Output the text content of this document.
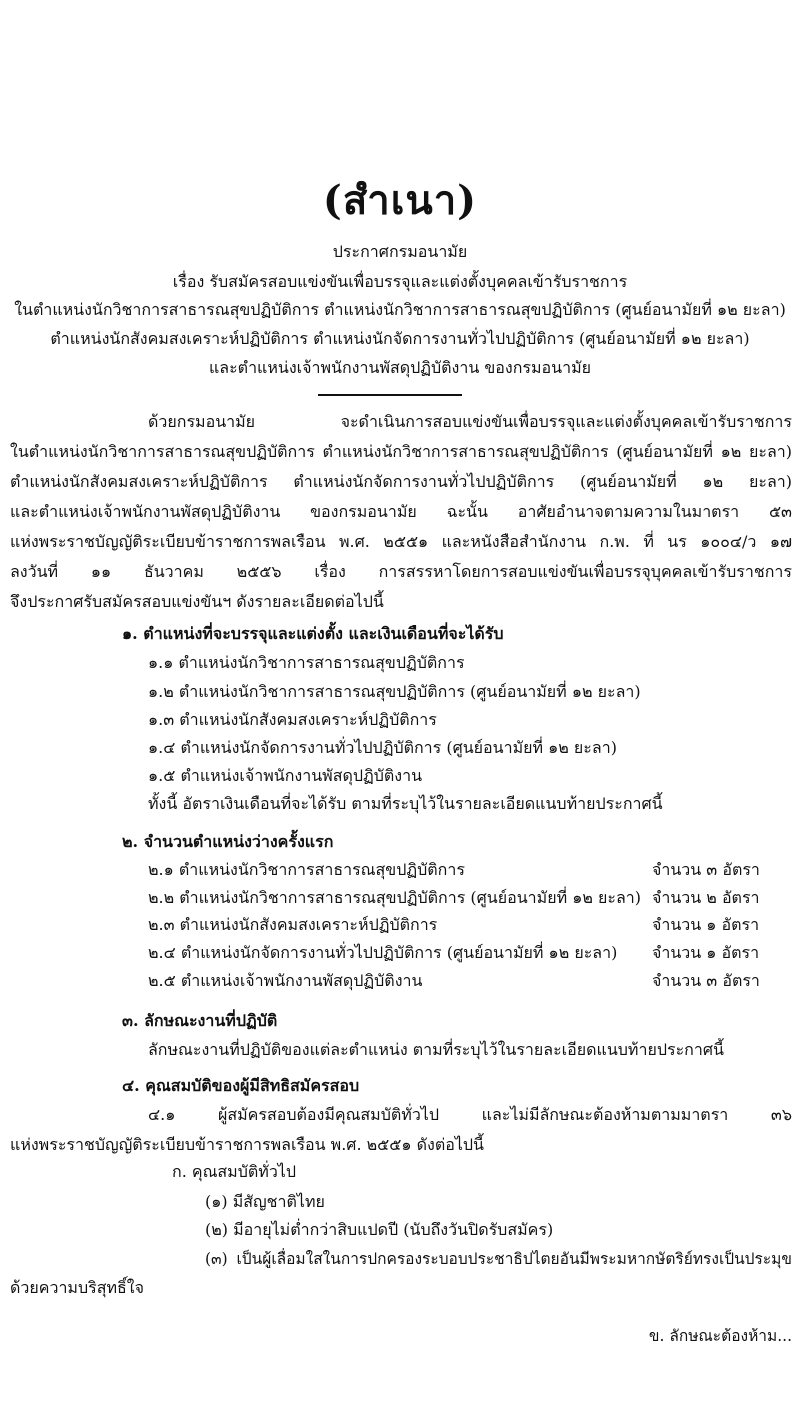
(สำเนา)
ประกาศกรมอนามัย
เรื่อง รับสมัครสอบแข่งขันเพื่อบรรจุและแต่งตั้งบุคคลเข้ารับราชการ
ในตำแหน่งนักวิชาการสาธารณสุขปฏิบัติการ ตำแหน่งนักวิชาการสาธารณสุขปฏิบัติการ (ศูนย์อนามัยที่ ๑๒ ยะลา)
ตำแหน่งนักสังคมสงเคราะห์ปฏิบัติการ ตำแหน่งนักจัดการงานทั่วไปปฏิบัติการ (ศูนย์อนามัยที่ ๑๒ ยะลา)
และตำแหน่งเจ้าพนักงานพัสดุปฏิบัติงาน ของกรมอนามัย
ด้วยกรมอนามัย จะดำเนินการสอบแข่งขันเพื่อบรรจุและแต่งตั้งบุคคลเข้ารับราชการ
ในตำแหน่งนักวิชาการสาธารณสุขปฏิบัติการ ตำแหน่งนักวิชาการสาธารณสุขปฏิบัติการ (ศูนย์อนามัยที่ ๑๒ ยะลา)
ตำแหน่งนักสังคมสงเคราะห์ปฏิบัติการ ตำแหน่งนักจัดการงานทั่วไปปฏิบัติการ (ศูนย์อนามัยที่ ๑๒ ยะลา)
และตำแหน่งเจ้าพนักงานพัสดุปฏิบัติงาน ของกรมอนามัย ฉะนั้น อาศัยอำนาจตามความในมาตรา ๕๓
แห่งพระราชบัญญัติระเบียบข้าราชการพลเรือน พ.ศ. ๒๕๕๑ และหนังสือสำนักงาน ก.พ. ที่ นร ๑๐๐๔/ว ๑๗
ลงวันที่ ๑๑ ธันวาคม ๒๕๕๖ เรื่อง การสรรหาโดยการสอบแข่งขันเพื่อบรรจุบุคคลเข้ารับราชการ
จึงประกาศรับสมัครสอบแข่งขันฯ ดังรายละเอียดต่อไปนี้
๑. ตำแหน่งที่จะบรรจุและแต่งตั้ง และเงินเดือนที่จะได้รับ
๑.๑ ตำแหน่งนักวิชาการสาธารณสุขปฏิบัติการ
๑.๒ ตำแหน่งนักวิชาการสาธารณสุขปฏิบัติการ (ศูนย์อนามัยที่ ๑๒ ยะลา)
๑.๓ ตำแหน่งนักสังคมสงเคราะห์ปฏิบัติการ
๑.๔ ตำแหน่งนักจัดการงานทั่วไปปฏิบัติการ (ศูนย์อนามัยที่ ๑๒ ยะลา)
๑.๕ ตำแหน่งเจ้าพนักงานพัสดุปฏิบัติงาน
ทั้งนี้ อัตราเงินเดือนที่จะได้รับ ตามที่ระบุไว้ในรายละเอียดแนบท้ายประกาศนี้
๒. จำนวนตำแหน่งว่างครั้งแรก
๒.๑ ตำแหน่งนักวิชาการสาธารณสุขปฏิบัติการ	จำนวน ๓ อัตรา
๒.๒ ตำแหน่งนักวิชาการสาธารณสุขปฏิบัติการ (ศูนย์อนามัยที่ ๑๒ ยะลา) จำนวน ๒ อัตรา
๒.๓ ตำแหน่งนักสังคมสงเคราะห์ปฏิบัติการ	จำนวน ๑ อัตรา
๒.๔ ตำแหน่งนักจัดการงานทั่วไปปฏิบัติการ (ศูนย์อนามัยที่ ๑๒ ยะลา) จำนวน ๑ อัตรา
๒.๕ ตำแหน่งเจ้าพนักงานพัสดุปฏิบัติงาน	จำนวน ๓ อัตรา
๓. ลักษณะงานที่ปฏิบัติ
ลักษณะงานที่ปฏิบัติของแต่ละตำแหน่ง ตามที่ระบุไว้ในรายละเอียดแนบท้ายประกาศนี้
๔. คุณสมบัติของผู้มีสิทธิสมัครสอบ
๔.๑ ผู้สมัครสอบต้องมีคุณสมบัติทั่วไป และไม่มีลักษณะต้องห้ามตามมาตรา ๓๖
แห่งพระราชบัญญัติระเบียบข้าราชการพลเรือน พ.ศ. ๒๕๕๑ ดังต่อไปนี้
ก. คุณสมบัติทั่วไป
(๑) มีสัญชาติไทย
(๒) มีอายุไม่ต่ำกว่าสิบแปดปี (นับถึงวันปิดรับสมัคร)
(๓) เป็นผู้เลื่อมใสในการปกครองระบอบประชาธิปไตยอันมีพระมหากษัตริย์ทรงเป็นประมุข
ด้วยความบริสุทธิ์ใจ
ข. ลักษณะต้องห้าม...
